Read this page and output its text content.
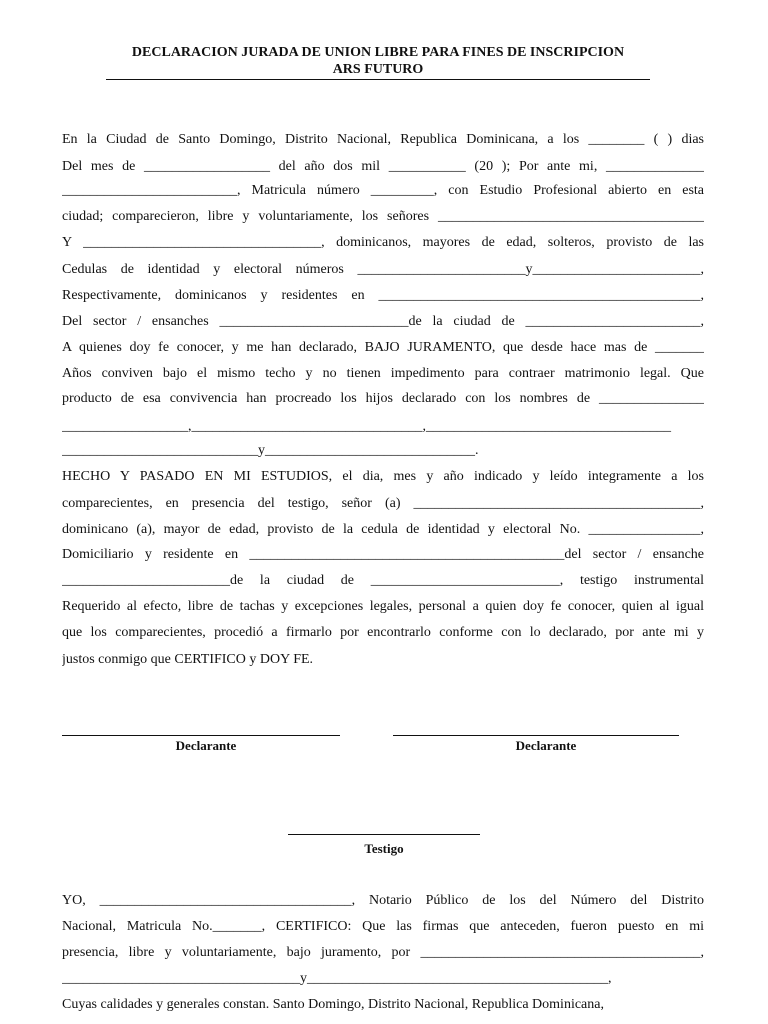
DECLARACION JURADA DE UNION LIBRE PARA FINES DE INSCRIPCION
ARS FUTURO
En la Ciudad de Santo Domingo, Distrito Nacional, Republica Dominicana, a los ________ ( ) dias
Del mes de __________________ del año dos mil ___________ (20 ); Por ante mi, ______________
_________________________, Matricula número _________, con Estudio Profesional abierto en esta
ciudad; comparecieron, libre y voluntariamente, los señores ______________________________________
Y __________________________________, dominicanos, mayores de edad, solteros, provisto de las
Cedulas de identidad y electoral números ________________________y________________________,
Respectivamente, dominicanos y residentes en ______________________________________________,
Del sector / ensanches ___________________________de la ciudad de _________________________,
A quienes doy fe conocer, y me han declarado, BAJO JURAMENTO, que desde hace mas de _______
Años conviven bajo el mismo techo y no tienen impedimento para contraer matrimonio legal. Que
producto de esa convivencia han procreado los hijos declarado con los nombres de _______________
__________________,_________________________________,___________________________________
____________________________y______________________________.
HECHO Y PASADO EN MI ESTUDIOS, el dia, mes y año indicado y leído integramente a los
comparecientes, en presencia del testigo, señor (a) _________________________________________,
dominicano (a), mayor de edad, provisto de la cedula de identidad y electoral No. ________________,
Domiciliario y residente en _____________________________________________del sector / ensanche
________________________de la ciudad de ___________________________, testigo instrumental
Requerido al efecto, libre de tachas y excepciones legales, personal a quien doy fe conocer, quien al igual
que los comparecientes, procedió a firmarlo por encontrarlo conforme con lo declarado, por ante mi y
justos conmigo que CERTIFICO y DOY FE.
Declarante	Declarante
Testigo
YO, ____________________________________, Notario Público de los del Número del Distrito
Nacional, Matricula No._______, CERTIFICO: Que las firmas que anteceden, fueron puesto en mi
presencia, libre y voluntariamente, bajo juramento, por ________________________________________,
__________________________________y___________________________________________,
Cuyas calidades y generales constan. Santo Domingo, Distrito Nacional, Republica Dominicana,
